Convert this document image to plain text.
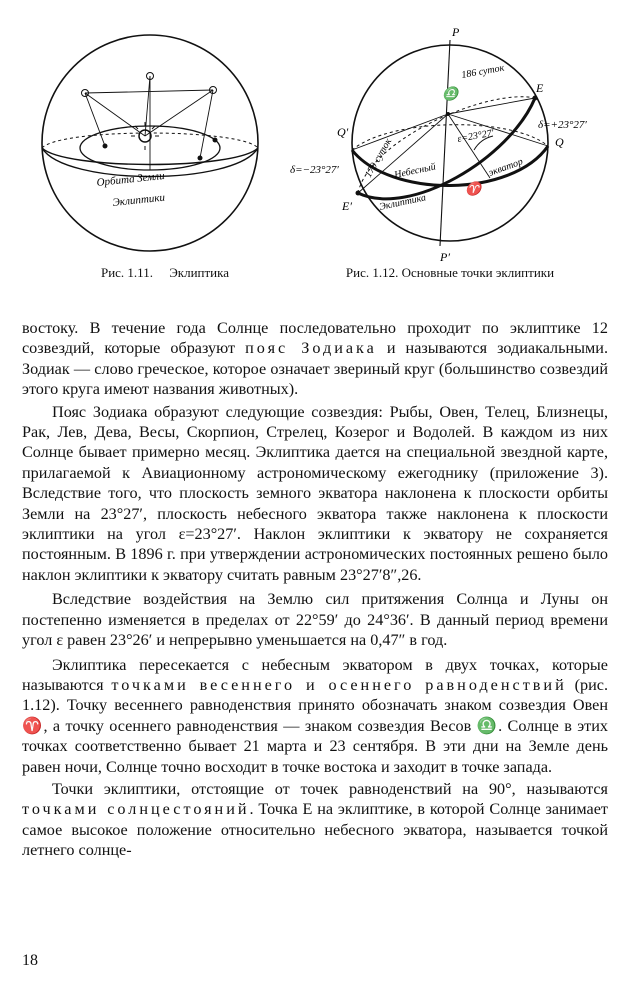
Орбита Земли
Эклиптики
P
P′
E
E′
Q
Q′
186 суток
179 суток
ε=23°27′
δ=+23°27′
δ=−23°27′	Небесный	экватор
Эклиптика
♈
♎
Рис. 1.11. Эклиптика	Рис. 1.12. Основные точки эклиптики

востоку. В течение года Солнце последовательно проходит по эклиптике 12 созвездий, которые образуют пояс Зодиака и называются зодиакальными. Зодиак — слово греческое, которое означает звериный круг (большинство созвездий этого круга имеют названия животных).

Пояс Зодиака образуют следующие созвездия: Рыбы, Овен, Телец, Близнецы, Рак, Лев, Дева, Весы, Скорпион, Стрелец, Козерог и Водолей. В каждом из них Солнце бывает примерно месяц. Эклиптика дается на специальной звездной карте, прилагаемой к Авиационному астрономическому ежегоднику (приложение 3). Вследствие того, что плоскость земного экватора наклонена к плоскости орбиты Земли на 23°27′, плоскость небесного экватора также наклонена к плоскости эклиптики на угол ε=23°27′. Наклон эклиптики к экватору не сохраняется постоянным. В 1896 г. при утверждении астрономических постоянных решено было наклон эклиптики к экватору считать равным 23°27′8″,26.

Вследствие воздействия на Землю сил притяжения Солнца и Луны он постепенно изменяется в пределах от 22°59′ до 24°36′. В данный период времени угол ε равен 23°26′ и непрерывно уменьшается на 0,47″ в год.

Эклиптика пересекается с небесным экватором в двух точках, которые называются точками весеннего и осеннего равноденствий (рис. 1.12). Точку весеннего равноденствия принято обозначать знаком созвездия Овен ♈, а точку осеннего равноденствия — знаком созвездия Весов ♎. Солнце в этих точках соответственно бывает 21 марта и 23 сентября. В эти дни на Земле день равен ночи, Солнце точно восходит в точке востока и заходит в точке запада.

Точки эклиптики, отстоящие от точек равноденствий на 90°, называются точками солнцестояний. Точка E на эклиптике, в которой Солнце занимает самое высокое положение относительно небесного экватора, называется точкой летнего солнце-

18
